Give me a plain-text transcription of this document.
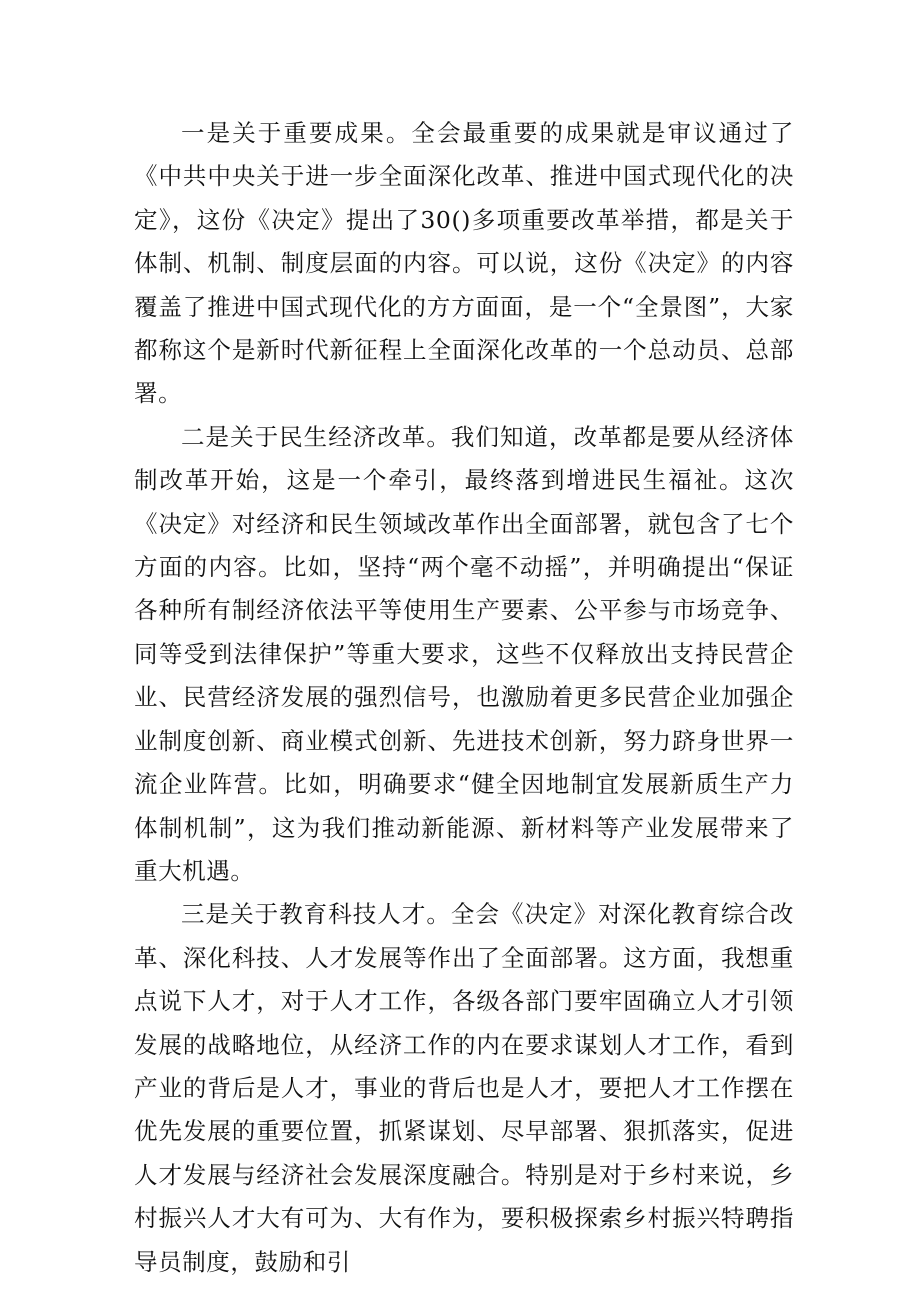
一是关于重要成果。全会最重要的成果就是审议通过了《中共中央关于进一步全面深化改革、推进中国式现代化的决定》，这份《决定》提出了30()多项重要改革举措，都是关于体制、机制、制度层面的内容。可以说，这份《决定》的内容覆盖了推进中国式现代化的方方面面，是一个“全景图”，大家都称这个是新时代新征程上全面深化改革的一个总动员、总部署。

二是关于民生经济改革。我们知道，改革都是要从经济体制改革开始，这是一个牵引，最终落到增进民生福祉。这次《决定》对经济和民生领域改革作出全面部署，就包含了七个方面的内容。比如，坚持“两个毫不动摇”，并明确提出“保证各种所有制经济依法平等使用生产要素、公平参与市场竞争、同等受到法律保护”等重大要求，这些不仅释放出支持民营企业、民营经济发展的强烈信号，也激励着更多民营企业加强企业制度创新、商业模式创新、先进技术创新，努力跻身世界一流企业阵营。比如，明确要求“健全因地制宜发展新质生产力体制机制”，这为我们推动新能源、新材料等产业发展带来了重大机遇。

三是关于教育科技人才。全会《决定》对深化教育综合改革、深化科技、人才发展等作出了全面部署。这方面，我想重点说下人才，对于人才工作，各级各部门要牢固确立人才引领发展的战略地位，从经济工作的内在要求谋划人才工作，看到产业的背后是人才，事业的背后也是人才，要把人才工作摆在优先发展的重要位置，抓紧谋划、尽早部署、狠抓落实，促进人才发展与经济社会发展深度融合。特别是对于乡村来说，乡村振兴人才大有可为、大有作为，要积极探索乡村振兴特聘指导员制度，鼓励和引
